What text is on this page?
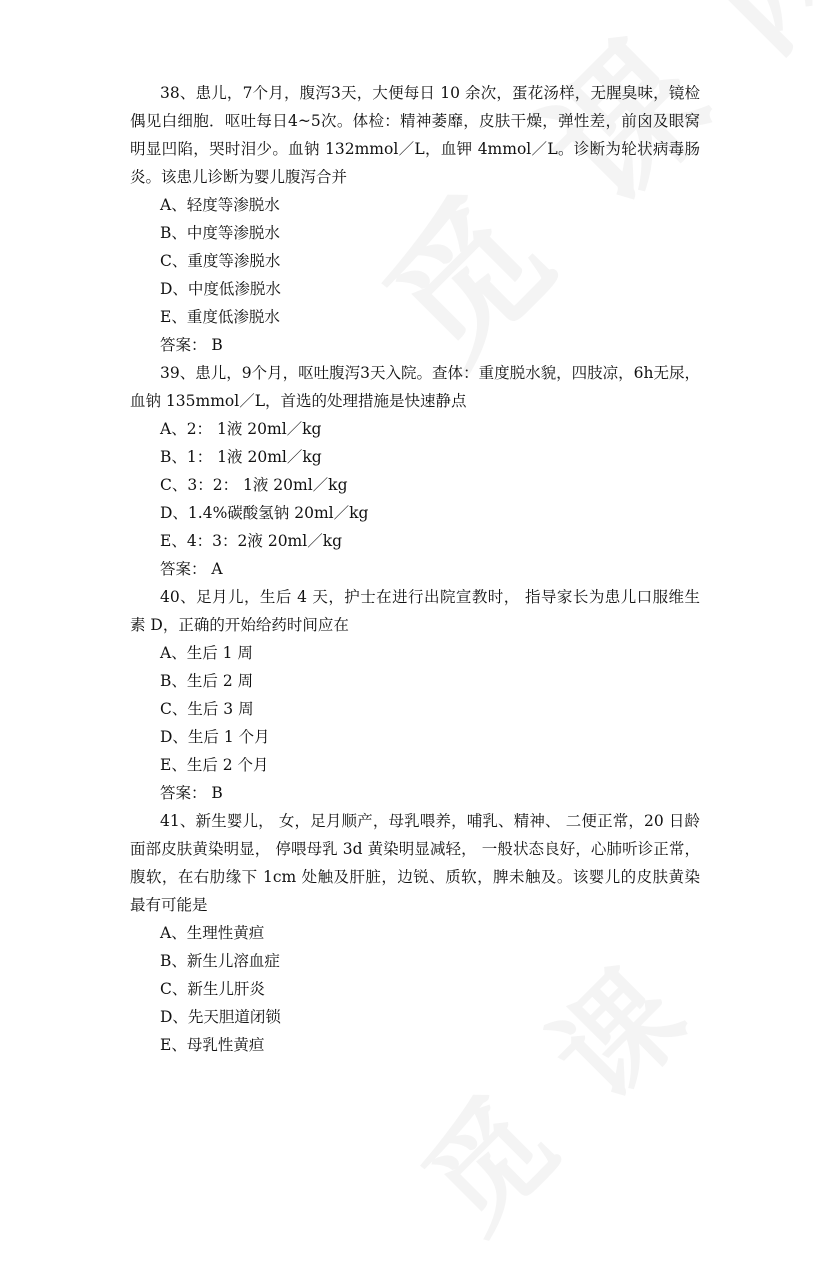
38、患儿，7个月，腹泻3天，大便每日 10 余次，蛋花汤样，无腥臭味，镜检偶见白细胞．呕吐每日4~5次。体检：精神萎靡，皮肤干燥，弹性差，前囟及眼窝明显凹陷，哭时泪少。血钠 132mmol／L，血钾 4mmol／L。诊断为轮状病毒肠炎。该患儿诊断为婴儿腹泻合并

A、轻度等渗脱水

B、中度等渗脱水

C、重度等渗脱水

D、中度低渗脱水

E、重度低渗脱水

答案： B

39、患儿，9个月，呕吐腹泻3天入院。查体：重度脱水貌，四肢凉，6h无尿，血钠 135mmol／L，首选的处理措施是快速静点

A、2： 1液 20ml／kg

B、1： 1液 20ml／kg

C、3：2： 1液 20ml／kg

D、1.4%碳酸氢钠 20ml／kg

E、4：3：2液 20ml／kg

答案： A

40、足月儿，生后 4 天，护士在进行出院宣教时， 指导家长为患儿口服维生素 D，正确的开始给药时间应在

A、生后 1 周

B、生后 2 周

C、生后 3 周

D、生后 1 个月

E、生后 2 个月

答案： B

41、新生婴儿， 女，足月顺产，母乳喂养，哺乳、精神、 二便正常，20 日龄面部皮肤黄染明显， 停喂母乳 3d 黄染明显减轻， 一般状态良好，心肺听诊正常，腹软，在右肋缘下 1cm 处触及肝脏，边锐、质软，脾未触及。该婴儿的皮肤黄染最有可能是

A、生理性黄疸

B、新生儿溶血症

C、新生儿肝炎

D、先天胆道闭锁

E、母乳性黄疸
